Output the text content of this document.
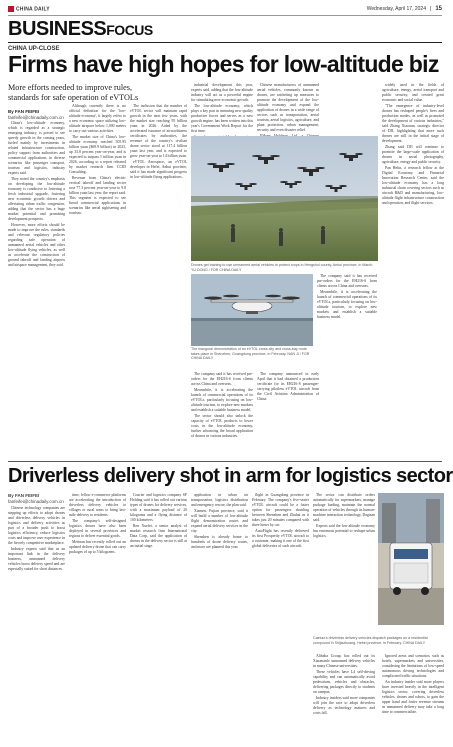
CHINA DAILY	Wednesday, April 17, 2024 | 15
BUSINESSFOCUS
CHINA UP-CLOSE
Firms have high hopes for low-altitude biz
More efforts needed to improve rules, standards for safe operation of eVTOLs
By FAN FEIFEI
fanfeifei@chinadaily.com.cn

China's low-altitude economy, which is regarded as a strategic emerging industry, is poised to see speedy growth in the coming years, fueled mainly by investments in related infrastructure construction, policy support from authorities and commercial applications in diverse scenarios like passenger transport, tourism and logistics, industry experts said.

They noted the country's emphasis on developing the low-altitude economy is conducive to fostering a fresh industrial upgrade, fostering new economic growth drivers and alleviating urban traffic congestion, adding that the sector has a huge market potential and promising development prospects.

However, more efforts should be made to improve the rules, standards and relevant regulatory policies regarding safe operation of unmanned aerial vehicles and other low-altitude flying vehicles, as well as accelerate the construction of ground takeoff and landing airports and airspace management, they said.

Although currently there is no official definition for the 'low-altitude economy', it largely refers to a new economic space utilizing low-altitude airspace below 1,000 meters to carry out various activities.

The market size of China's low-altitude economy reached 505.95 billion yuan ($69.9 billion) in 2023, up 33.8 percent year-on-year, and is expected to surpass 1 trillion yuan in 2026, according to a report released by market research firm CCID Consulting.

Revenue from China's electric vertical takeoff and landing sector rose 77.3 percent year-on-year to 9.8 billion yuan last year, the report said. This segment is expected to see broad commercial applications in scenarios like aerial sightseeing and tourism.

The inclusion that the number of eVTOL sector will maintain rapid growth in the next few years, with the market size reaching 95 billion yuan in 2026. Aided by the accelerated issuance of airworthiness certificates by authorities, the revenue of the country's civilian drone sector stood at 117.4 billion yuan last year, and is expected to grow year-on-year to 14 billion yuan.

eVTOL Aerospace, an eVTOL developer in Hefei, Anhui province, said it has made significant progress in low-altitude flying applications.

industrial development this year, experts said, adding that the low-altitude industry will act as a powerful engine for stimulating new economic growth.

The low-altitude economy, which plays a key part in nurturing new quality productive forces and serves as a new growth engine, has been written into this year's Government Work Report for the first time.

Chinese manufacturers of unmanned aerial vehicles, commonly known as drones, are ratcheting up measures to promote the development of the low-altitude economy and expand the application of drones in a wide range of sectors such as transportation, aerial tourism, aerial logistics, agriculture, and plant protection, urban management, security and even disaster relief.

Drones get training to use unmanned aerial vehicles to protect crops in Hengshui county, Anhui province, in March. YU DONG / FOR CHINA DAILY
The inaugural demonstration of an eVTOL cross-city and cross-bay route takes place in Shenzhen, Guangdong province, in February. NAN JI / FOR CHINA DAILY

The company said it has received pre-orders for the EH216-S from clients across China and overseas.

Meanwhile, it is accelerating the launch of commercial operations of its eVTOLs, particularly focusing on low-altitude tourism, to explore new markets and establish a suitable business model.

The sector should also unlock the capacity of eVTOL products to lower costs in the low-altitude economy, further advancing the broad application of drones in various industries.

The company announced in early April that it had obtained a production certificate for its EH216-S passenger-carrying pilotless eVTOL aircraft from the Civil Aviation Administration of China.

The company said it has received pre-orders for the EH216-S from clients across China and overseas.

Meanwhile, it is accelerating the launch of commercial operations of its eVTOLs, particularly focusing on low-altitude tourism, to explore new markets and establish a suitable business model.

widely used in the fields of agriculture, energy, aerial transport and public security, and created great economic and social value.

"The emergence of industry-level drones has reshaped people's lives and production modes, as well as promoted the development of various industries," said Zhang Xiaonan, strategic director of DJI, highlighting that more such drones are still in the initial stage of development.

Zhang said DJI will continue to promote the large-scale application of drones in aerial photography, agriculture, energy and public security.

Pan Helin, a research fellow at the Digital Economy and Financial Innovation Research Center, said the low-altitude economy has a long industrial chain covering sectors such as aircraft R&D and manufacturing, low-altitude flight infrastructure construction and operation, and flight services.

Driverless delivery shot in arm for logistics sector
By FAN FEIFEI
fanfeifei@chinadaily.com.cn

Chinese technology companies are stepping up efforts to adopt drones and driverless delivery vehicles in logistics and delivery activities as part of a broader push to boost logistics efficiency, reduce logistics costs and improve user experience in the fiercely competitive marketplace.

Industry experts said that as an important link in the delivery business, unmanned delivery vehicles boost delivery speed and are especially suited for short distances.

time, fellow e-commerce platforms are accelerating the introduction of driverless delivery vehicles to villages or rural areas to bring last-mile delivery to residents.

The company's self-designed logistics drones have also been deployed in several provinces and regions to deliver essential goods.

Meituan has recently rolled out an updated delivery drone that can carry packages of up to 5 kilograms.

Courier and logistics company SF Holding said it has rolled out various types of drones for delivery services, with a maximum payload of 20 kilograms and a flying distance of 100 kilometers.

Ren Xuefei, a senior analyst of market research firm International Data Corp, said the application of drones in the delivery sector is still at an initial stage.

application in urban air transportation, logistics distribution and emergency rescue, the plan said.

Xiamen, Fujian province, said it will build a number of low-altitude flight demonstration routes and expand aerial delivery services in the city.

Shenzhen is already home to hundreds of drone delivery routes, and more are planned this year.

flight in Guangdong province in February. The company's five-seater eVTOL aircraft could be a faster option for passengers shuttling between Shenzhen and Zhuhai as it takes just 20 minutes compared with three hours by car.

AutoFlight has recently delivered its first Prosperity eVTOL aircraft to a customer, making it one of the first global deliveries of such aircraft.

The sector can distribute orders automatically for supermarkets, manage package loading, maintain the normal operation of vehicles through its human-machine interaction technology, Dagisan said.

Experts said the low-altitude economy has enormous potential to reshape urban logistics.

Cainiao's driverless delivery vehicles dispatch packages on a residential compound in Shijiazhuang, Hebei province, in February. CHINA DAILY

Alibaba Group, has rolled out its Xiaomanlv unmanned delivery vehicles in many Chinese universities.

These vehicles have L4 self-driving capability and can automatically avoid pedestrians, vehicles and obstacles, delivering packages directly to students on campus.

Industry insiders said more companies will join the race to adopt driverless delivery as technology matures and costs fall.

Ignored areas and scenarios, such as hotels, supermarkets and universities, considering the limitations of low-speed autonomous driving technologies and complicated traffic situations.

An industry insider said more players have invested heavily in the intelligent logistics sector, covering driverless vehicles, drones and robots, to gain the upper hand and foster revenue streams as unmanned delivery may take a long time to commercialize.
